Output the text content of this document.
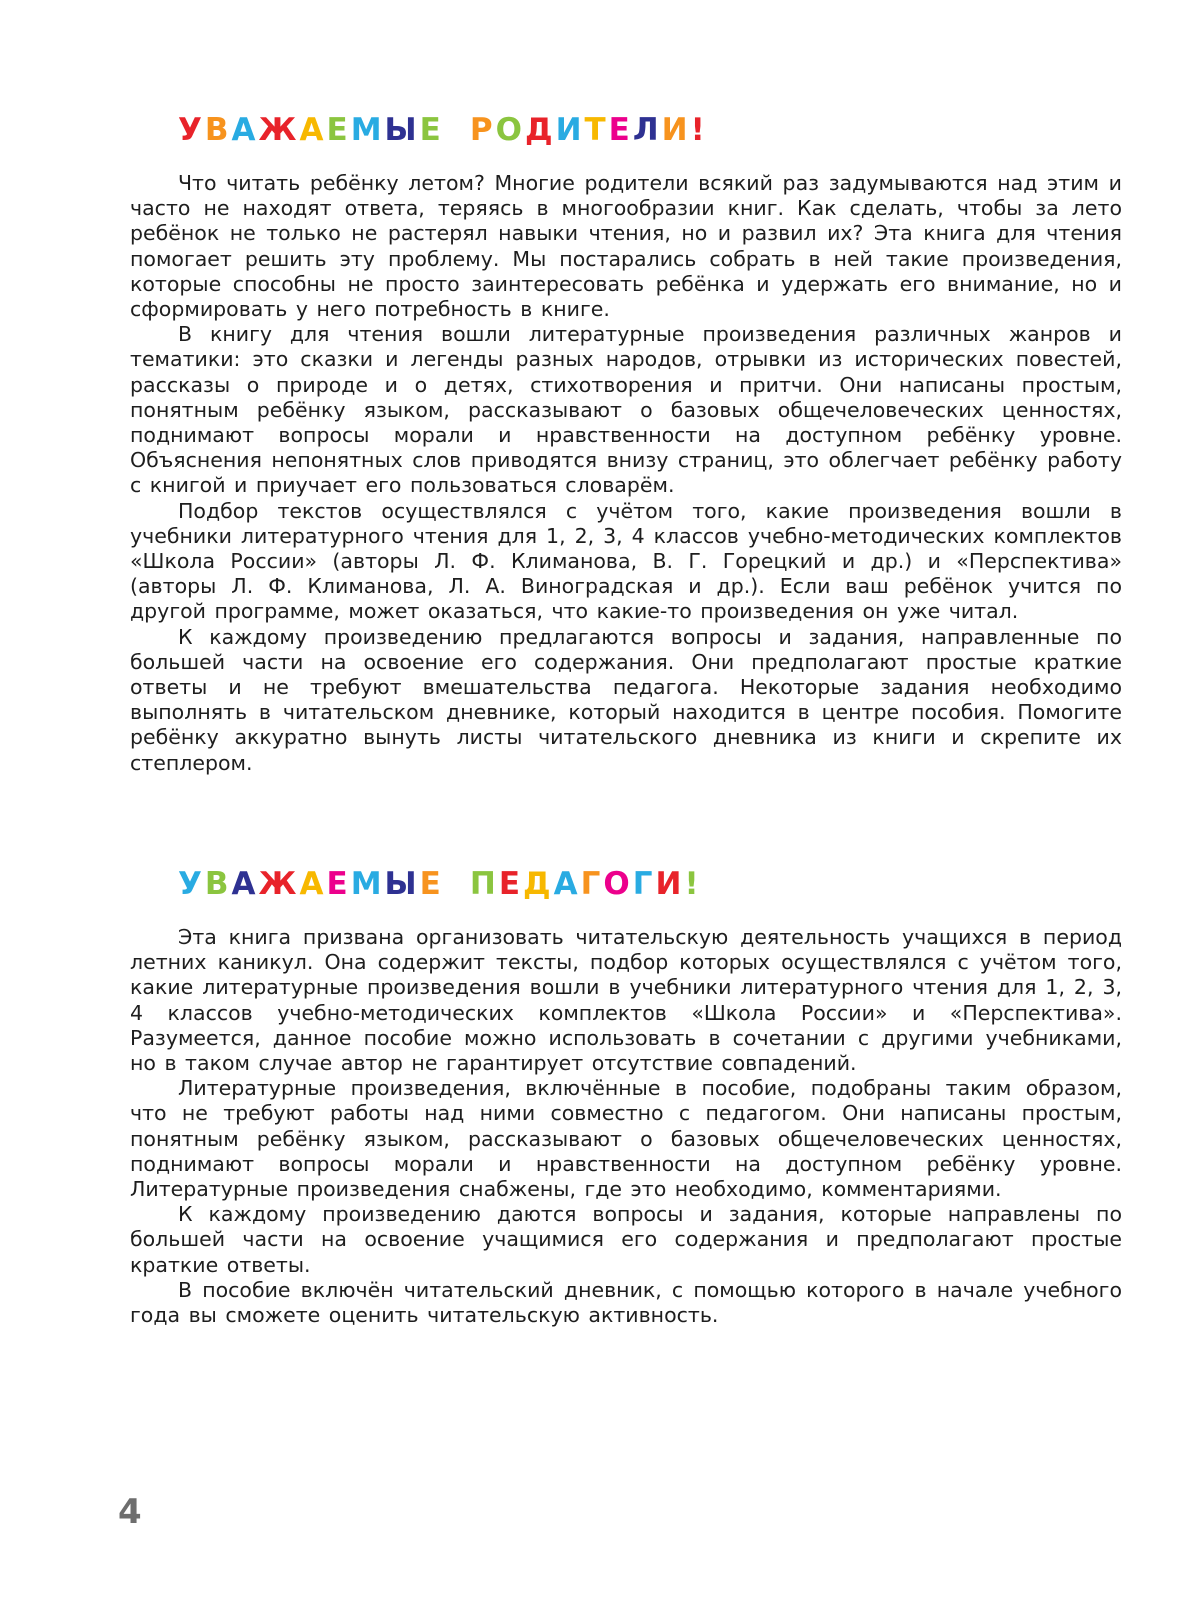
УВАЖАЕМЫЕ РОДИТЕЛИ!

Что читать ребёнку летом? Многие родители всякий раз задумываются над этим и часто не находят ответа, теряясь в многообразии книг. Как сделать, чтобы за лето ребёнок не только не растерял навыки чтения, но и развил их? Эта книга для чтения помогает решить эту проблему. Мы постарались собрать в ней такие произведения, которые способны не просто заинтересовать ребёнка и удержать его внимание, но и сформировать у него потребность в книге.

В книгу для чтения вошли литературные произведения различных жанров и тематики: это сказки и легенды разных народов, отрывки из исторических повестей, рассказы о природе и о детях, стихотворения и притчи. Они написаны простым, понятным ребёнку языком, рассказывают о базовых общечеловеческих ценностях, поднимают вопросы морали и нравственности на доступном ребёнку уровне. Объяснения непонятных слов приводятся внизу страниц, это облегчает ребёнку работу с книгой и приучает его пользоваться словарём.

Подбор текстов осуществлялся с учётом того, какие произведения вошли в учебники литературного чтения для 1, 2, 3, 4 классов учебно-методических комплектов «Школа России» (авторы Л. Ф. Климанова, В. Г. Горецкий и др.) и «Перспектива» (авторы Л. Ф. Климанова, Л. А. Виноградская и др.). Если ваш ребёнок учится по другой программе, может оказаться, что какие-то произведения он уже читал.

К каждому произведению предлагаются вопросы и задания, направленные по большей части на освоение его содержания. Они предполагают простые краткие ответы и не требуют вмешательства педагога. Некоторые задания необходимо выполнять в читательском дневнике, который находится в центре пособия. Помогите ребёнку аккуратно вынуть листы читательского дневника из книги и скрепите их степлером.

УВАЖАЕМЫЕ ПЕДАГОГИ!

Эта книга призвана организовать читательскую деятельность учащихся в период летних каникул. Она содержит тексты, подбор которых осуществлялся с учётом того, какие литературные произведения вошли в учебники литературного чтения для 1, 2, 3, 4 классов учебно-методических комплектов «Школа России» и «Перспектива». Разумеется, данное пособие можно использовать в сочетании с другими учебниками, но в таком случае автор не гарантирует отсутствие совпадений.

Литературные произведения, включённые в пособие, подобраны таким образом, что не требуют работы над ними совместно с педагогом. Они написаны простым, понятным ребёнку языком, рассказывают о базовых общечеловеческих ценностях, поднимают вопросы морали и нравственности на доступном ребёнку уровне. Литературные произведения снабжены, где это необходимо, комментариями.

К каждому произведению даются вопросы и задания, которые направлены по большей части на освоение учащимися его содержания и предполагают простые краткие ответы.

В пособие включён читательский дневник, с помощью которого в начале учебного года вы сможете оценить читательскую активность.

4
